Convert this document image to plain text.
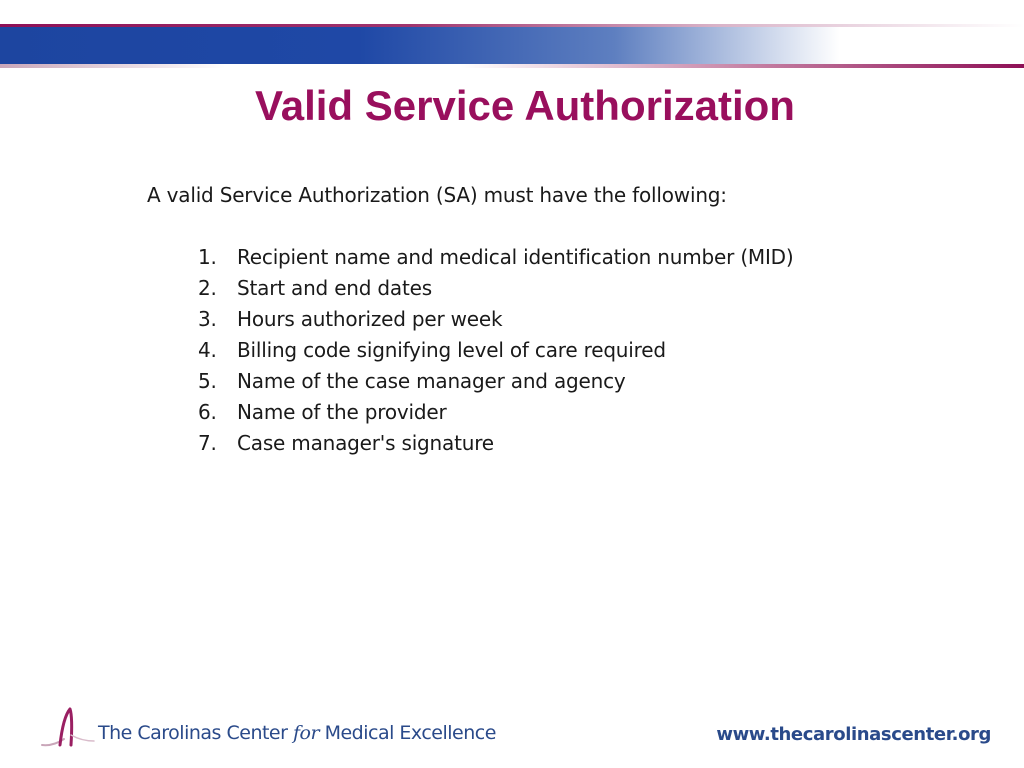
Valid Service Authorization

A valid Service Authorization (SA) must have the following:

1.	Recipient name and medical identification number (MID)
2.	Start and end dates
3.	Hours authorized per week
4.	Billing code signifying level of care required
5.	Name of the case manager and agency
6.	Name of the provider
7.	Case manager's signature
The Carolinas Center for Medical Excellence	www.thecarolinascenter.org
